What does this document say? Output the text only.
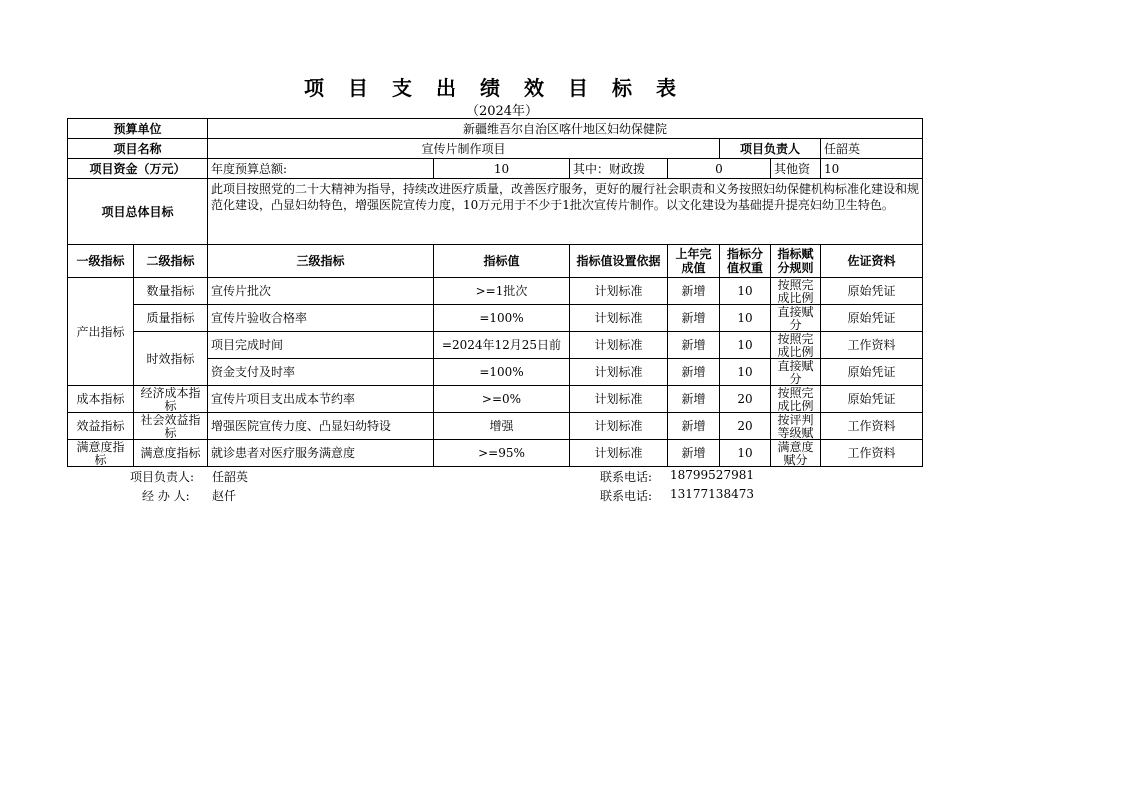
项目支出绩效目标表
（2024年）
预算单位		新疆维吾尔自治区喀什地区妇幼保健院						
项目名称		宣传片制作项目				项目负责人		任韶英
项目资金（万元）		年度预算总额:	10	其中：财政拨	0		其他资	10
项目总体目标		此项目按照党的二十大精神为指导，持续改进医疗质量，改善医疗服务，更好的履行社会职责和义务按照妇幼保健机构标准化建设和规范化建设，凸显妇幼特色，增强医院宣传力度，10万元用于不少于1批次宣传片制作。以文化建设为基础提升提亮妇幼卫生特色。						
一级指标	二级指标	三级指标	指标值	指标值设置依据	上年完成值	指标分值权重	指标赋分规则	佐证资料
产出指标	数量指标	宣传片批次	>=1批次	计划标准	新增	10	按照完成比例	原始凭证
	质量指标	宣传片验收合格率	=100%	计划标准	新增	10	直接赋分	原始凭证
	时效指标	项目完成时间	=2024年12月25日前	计划标准	新增	10	按照完成比例	工作资料
		资金支付及时率	=100%	计划标准	新增	10	直接赋分	原始凭证
成本指标	经济成本指标	宣传片项目支出成本节约率	>=0%	计划标准	新增	20	按照完成比例	原始凭证
效益指标	社会效益指标	增强医院宣传力度、凸显妇幼特设	增强	计划标准	新增	20	按评判等级赋	工作资料

满意度指标	满意度指标	就诊患者对医疗服务满意度	>=95%	计划标准	新增	10	满意度赋分	工作资料
项目负责人: 任韶英	联系电话: 18799527981
经 办 人: 赵仟	联系电话: 13177138473
